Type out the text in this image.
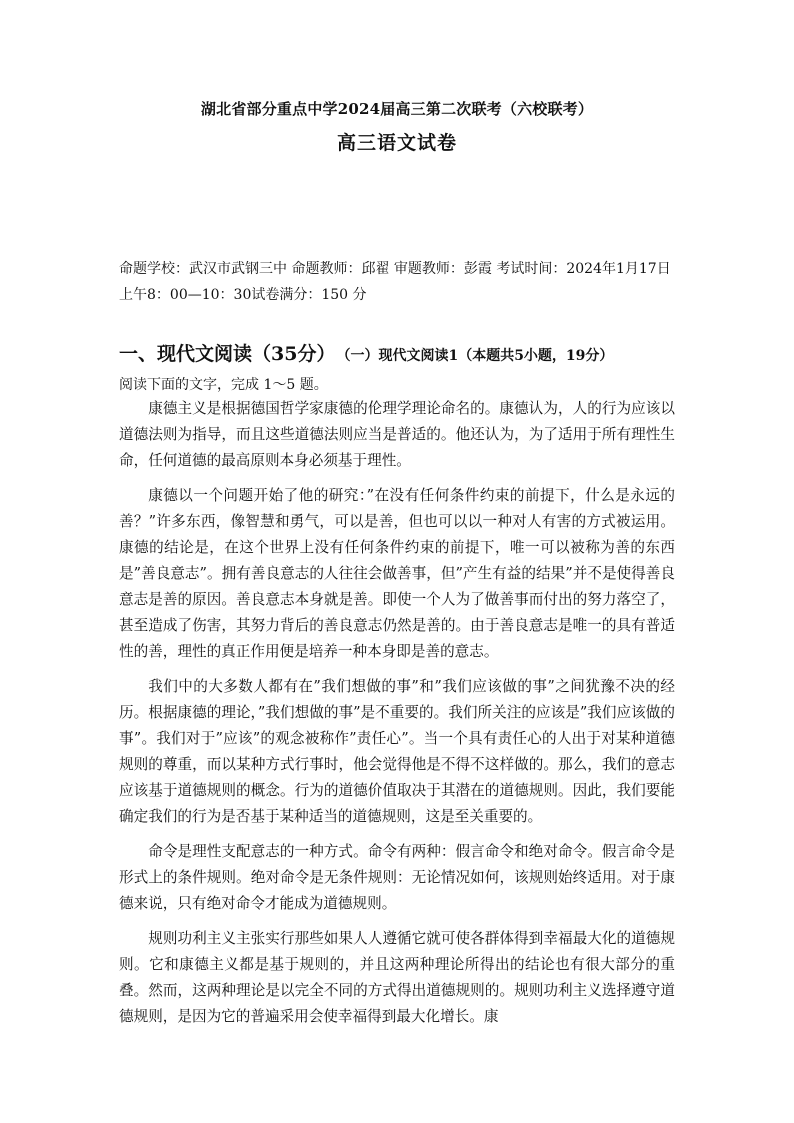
湖北省部分重点中学2024届高三第二次联考（六校联考）
高三语文试卷
命题学校：武汉市武钢三中 命题教师：邱翟 审题教师：彭霞 考试时间：2024年1月17日上午8：00—10：30试卷满分：150 分
一、现代文阅读（35分） （一）现代文阅读1（本题共5小题，19分）
阅读下面的文字，完成 1～5 题。

康德主义是根据德国哲学家康德的伦理学理论命名的。康德认为，人的行为应该以道德法则为指导，而且这些道德法则应当是普适的。他还认为，为了适用于所有理性生命，任何道德的最高原则本身必须基于理性。

康德以一个问题开始了他的研究：”在没有任何条件约束的前提下，什么是永远的善？”许多东西，像智慧和勇气，可以是善，但也可以以一种对人有害的方式被运用。康德的结论是，在这个世界上没有任何条件约束的前提下，唯一可以被称为善的东西是”善良意志”。拥有善良意志的人往往会做善事，但”产生有益的结果”并不是使得善良意志是善的原因。善良意志本身就是善。即使一个人为了做善事而付出的努力落空了，甚至造成了伤害，其努力背后的善良意志仍然是善的。由于善良意志是唯一的具有普适性的善，理性的真正作用便是培养一种本身即是善的意志。

我们中的大多数人都有在”我们想做的事”和”我们应该做的事”之间犹豫不决的经历。根据康德的理论，”我们想做的事”是不重要的。我们所关注的应该是”我们应该做的事”。我们对于”应该”的观念被称作”责任心”。当一个具有责任心的人出于对某种道德规则的尊重，而以某种方式行事时，他会觉得他是不得不这样做的。那么，我们的意志应该基于道德规则的概念。行为的道德价值取决于其潜在的道德规则。因此，我们要能确定我们的行为是否基于某种适当的道德规则，这是至关重要的。

命令是理性支配意志的一种方式。命令有两种：假言命令和绝对命令。假言命令是形式上的条件规则。绝对命令是无条件规则：无论情况如何，该规则始终适用。对于康德来说，只有绝对命令才能成为道德规则。

规则功利主义主张实行那些如果人人遵循它就可使各群体得到幸福最大化的道德规则。它和康德主义都是基于规则的，并且这两种理论所得出的结论也有很大部分的重叠。然而，这两种理论是以完全不同的方式得出道德规则的。规则功利主义选择遵守道德规则，是因为它的普遍采用会使幸福得到最大化增长。康
